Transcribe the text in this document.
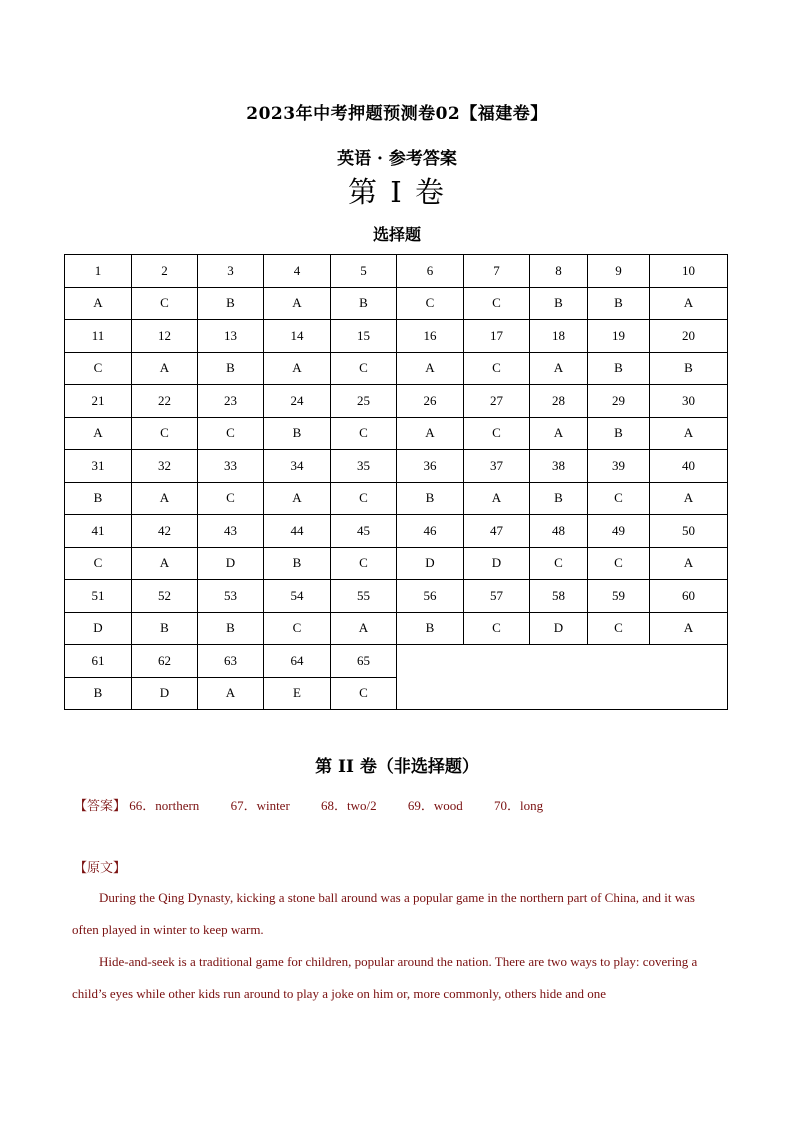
2023年中考押题预测卷02【福建卷】
英语 · 参考答案
第 I 卷
选择题
1	2	3	4	5	6	7	8	9	10
A	C	B	A	B	C	C	B	B	A
11	12	13	14	15	16	17	18	19	20
C	A	B	A	C	A	C	A	B	B
21	22	23	24	25	26	27	28	29	30
A	C	C	B	C	A	C	A	B	A
31	32	33	34	35	36	37	38	39	40
B	A	C	A	C	B	A	B	C	A
41	42	43	44	45	46	47	48	49	50
C	A	D	B	C	D	D	C	C	A
51	52	53	54	55	56	57	58	59	60
D	B	B	C	A	B	C	D	C	A
61	62	63	64	65					
B	D	A	E	C					
第 II 卷（非选择题）
【答案】 66．northern 67．winter 68．two/2 69．wood 70．long
【原文】

During the Qing Dynasty, kicking a stone ball around was a popular game in the northern part of China, and it was often played in winter to keep warm.

Hide-and-seek is a traditional game for children, popular around the nation. There are two ways to play: covering a child’s eyes while other kids run around to play a joke on him or, more commonly, others hide and one
